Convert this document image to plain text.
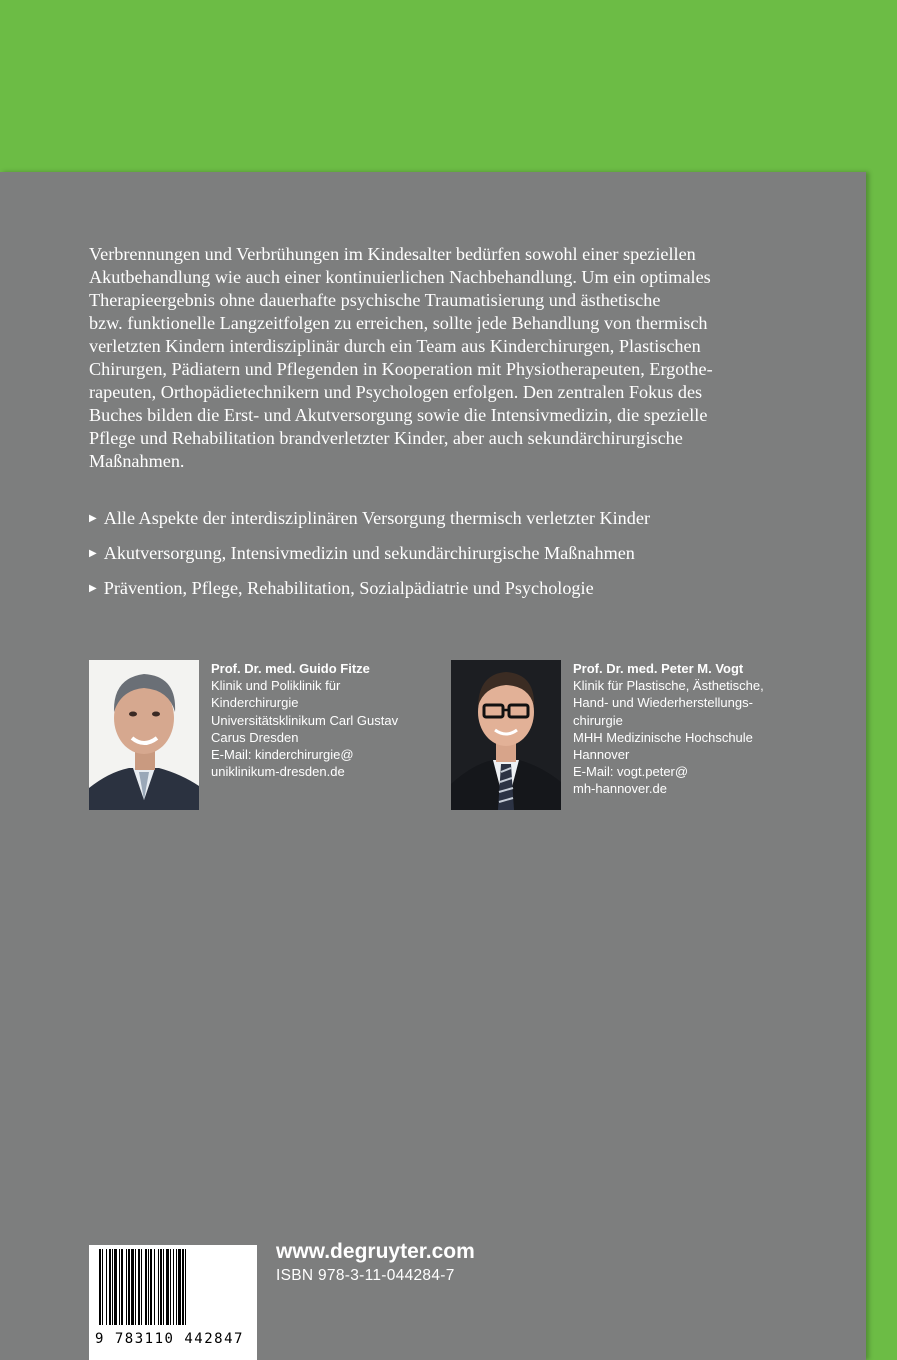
Verbrennungen und Verbrühungen im Kindesalter bedürfen sowohl einer speziellen
Akutbehandlung wie auch einer kontinuierlichen Nachbehandlung. Um ein optimales
Therapieergebnis ohne dauerhafte psychische Traumatisierung und ästhetische
bzw. funktionelle Langzeitfolgen zu erreichen, sollte jede Behandlung von thermisch
verletzten Kindern interdisziplinär durch ein Team aus Kinderchirurgen, Plastischen
Chirurgen, Pädiatern und Pflegenden in Kooperation mit Physiotherapeuten, Ergothe-
rapeuten, Orthopädietechnikern und Psychologen erfolgen. Den zentralen Fokus des
Buches bilden die Erst- und Akutversorgung sowie die Intensivmedizin, die spezielle
Pflege und Rehabilitation brandverletzter Kinder, aber auch sekundärchirurgische
Maßnahmen.
▶ Alle Aspekte der interdisziplinären Versorgung thermisch verletzter Kinder
▶ Akutversorgung, Intensivmedizin und sekundärchirurgische Maßnahmen
▶ Prävention, Pflege, Rehabilitation, Sozialpädiatrie und Psychologie
Prof. Dr. med. Guido Fitze
Klinik und Poliklinik für
Kinderchirurgie
Universitätsklinikum Carl Gustav
Carus Dresden
E-Mail: kinderchirurgie@
uniklinikum-dresden.de
Prof. Dr. med. Peter M. Vogt
Klinik für Plastische, Ästhetische,
Hand- und Wiederherstellungs-
chirurgie
MHH Medizinische Hochschule
Hannover
E-Mail: vogt.peter@
mh-hannover.de
9 783110 442847
www.degruyter.com
ISBN 978-3-11-044284-7
